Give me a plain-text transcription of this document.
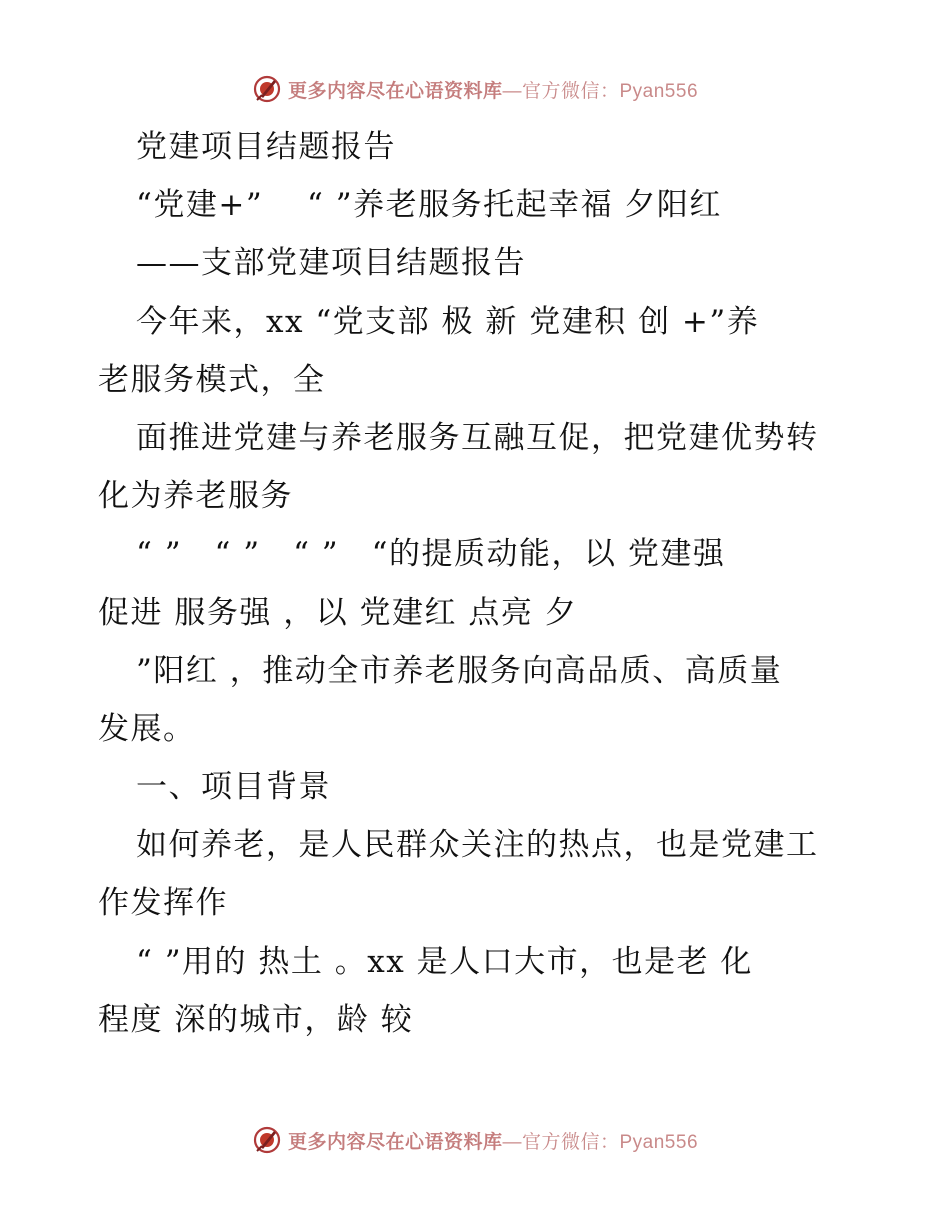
更多内容尽在心语资料库—官方微信：Pyan556
党建项目结题报告
“党建+”　 “ ”养老服务托起幸福 夕阳红
——支部党建项目结题报告
今年来，xx “党支部 极 新 党建积 创 +”养
老服务模式，全
面推进党建与养老服务互融互促，把党建优势转
化为养老服务
“ ”　“ ”　“ ”　“的提质动能，以 党建强
促进 服务强 ，以 党建红 点亮 夕
”阳红 ，推动全市养老服务向高品质、高质量
发展。
一、项目背景
如何养老，是人民群众关注的热点，也是党建工
作发挥作
“ ”用的 热土 。xx 是人口大市，也是老 化
程度 深的城市，龄 较
更多内容尽在心语资料库—官方微信：Pyan556
